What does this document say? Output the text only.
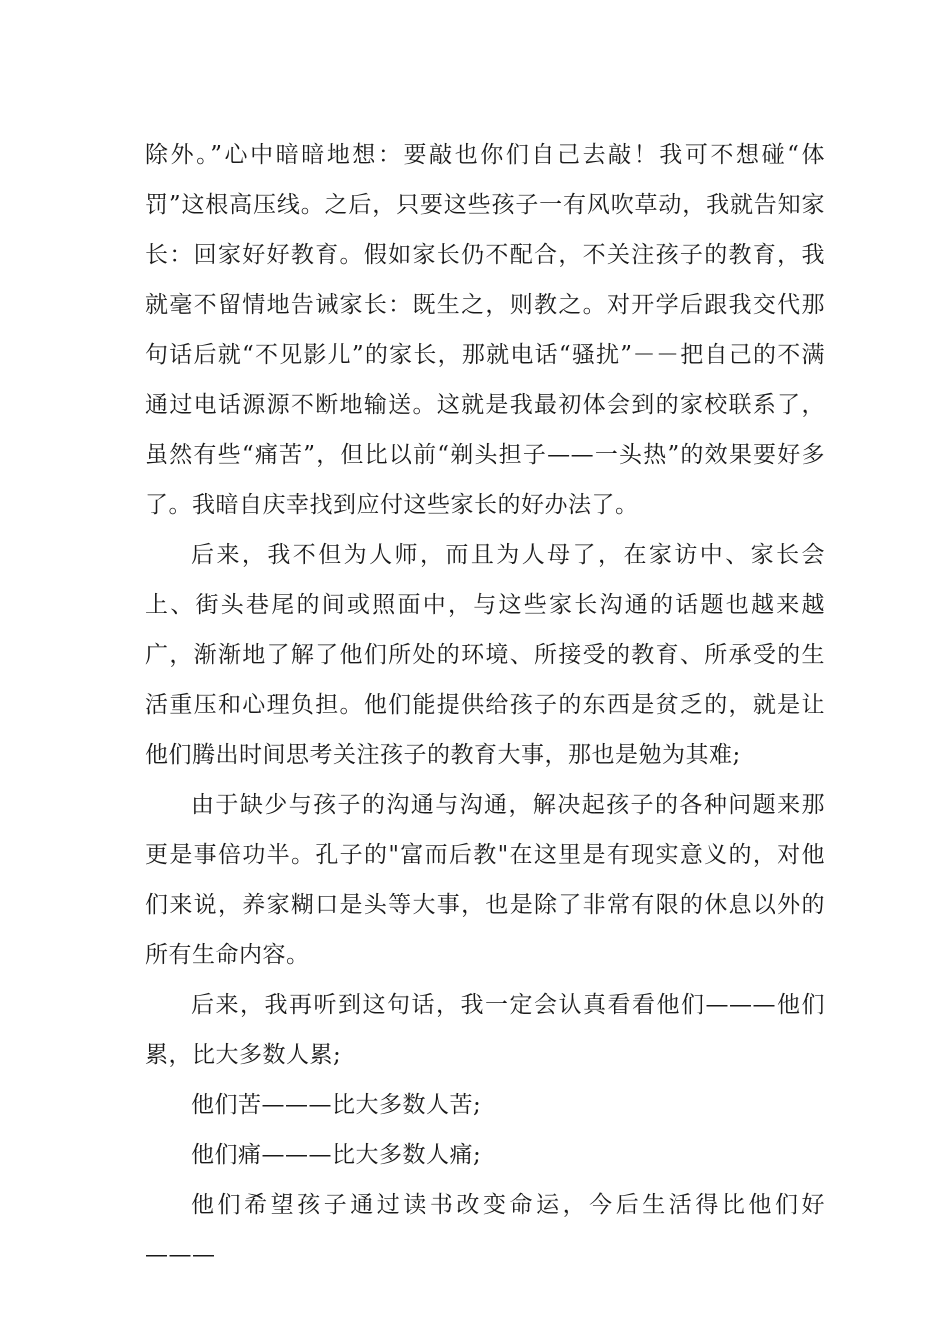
除外。”心中暗暗地想：要敲也你们自己去敲！我可不想碰“体罚”这根高压线。之后，只要这些孩子一有风吹草动，我就告知家长：回家好好教育。假如家长仍不配合，不关注孩子的教育，我就毫不留情地告诫家长：既生之，则教之。对开学后跟我交代那句话后就“不见影儿”的家长，那就电话“骚扰”－－把自己的不满通过电话源源不断地输送。这就是我最初体会到的家校联系了，虽然有些“痛苦”，但比以前“剃头担子——一头热”的效果要好多了。我暗自庆幸找到应付这些家长的好办法了。

后来，我不但为人师，而且为人母了，在家访中、家长会上、街头巷尾的间或照面中，与这些家长沟通的话题也越来越广，渐渐地了解了他们所处的环境、所接受的教育、所承受的生活重压和心理负担。他们能提供给孩子的东西是贫乏的，就是让他们腾出时间思考关注孩子的教育大事，那也是勉为其难;

由于缺少与孩子的沟通与沟通，解决起孩子的各种问题来那更是事倍功半。孔子的"富而后教"在这里是有现实意义的，对他们来说，养家糊口是头等大事，也是除了非常有限的休息以外的所有生命内容。

后来，我再听到这句话，我一定会认真看看他们———他们累，比大多数人累;

他们苦———比大多数人苦;

他们痛———比大多数人痛;

他们希望孩子通过读书改变命运，今后生活得比他们好———
